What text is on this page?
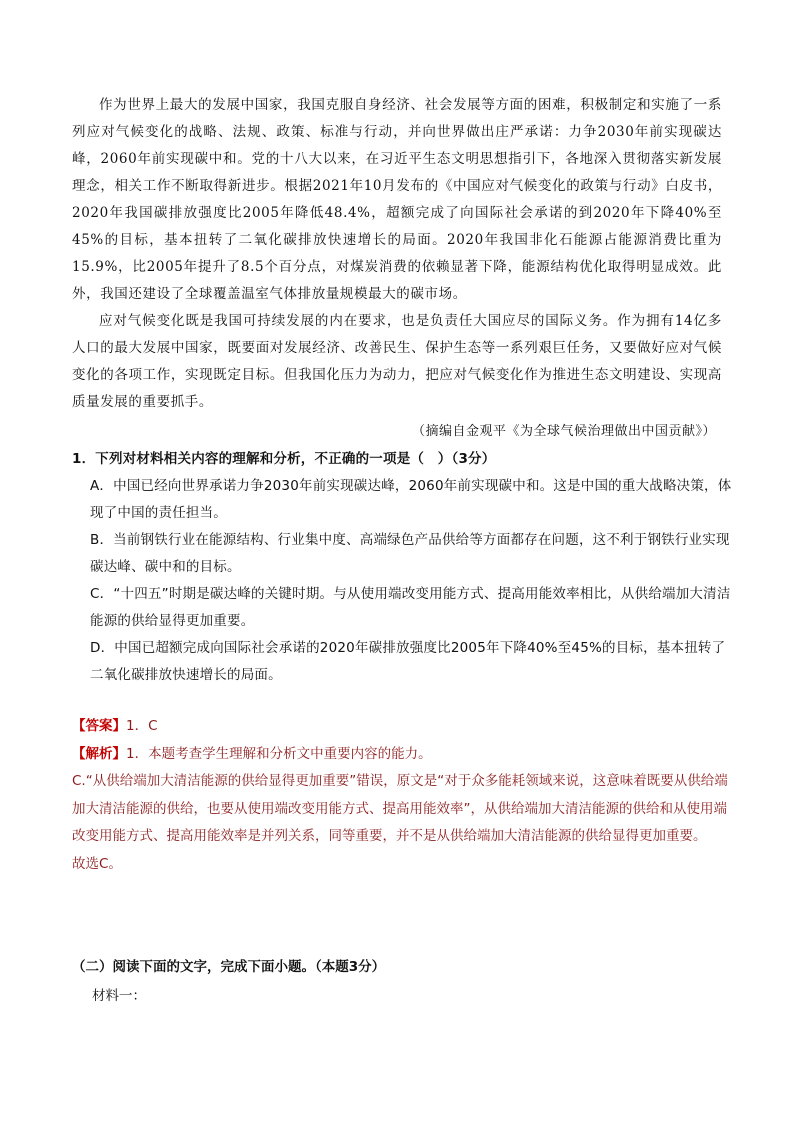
作为世界上最大的发展中国家，我国克服自身经济、社会发展等方面的困难，积极制定和实施了一系列应对气候变化的战略、法规、政策、标准与行动，并向世界做出庄严承诺：力争2030年前实现碳达峰，2060年前实现碳中和。党的十八大以来，在习近平生态文明思想指引下，各地深入贯彻落实新发展理念，相关工作不断取得新进步。根据2021年10月发布的《中国应对气候变化的政策与行动》白皮书，2020年我国碳排放强度比2005年降低48.4%，超额完成了向国际社会承诺的到2020年下降40%至45%的目标，基本扭转了二氧化碳排放快速增长的局面。2020年我国非化石能源占能源消费比重为15.9%，比2005年提升了8.5个百分点，对煤炭消费的依赖显著下降，能源结构优化取得明显成效。此外，我国还建设了全球覆盖温室气体排放量规模最大的碳市场。

应对气候变化既是我国可持续发展的内在要求，也是负责任大国应尽的国际义务。作为拥有14亿多人口的最大发展中国家，既要面对发展经济、改善民生、保护生态等一系列艰巨任务，又要做好应对气候变化的各项工作，实现既定目标。但我国化压力为动力，把应对气候变化作为推进生态文明建设、实现高质量发展的重要抓手。

（摘编自金观平《为全球气候治理做出中国贡献》）

1．下列对材料相关内容的理解和分析，不正确的一项是（　）（3分）

A．中国已经向世界承诺力争2030年前实现碳达峰，2060年前实现碳中和。这是中国的重大战略决策，体现了中国的责任担当。

B．当前钢铁行业在能源结构、行业集中度、高端绿色产品供给等方面都存在问题，这不利于钢铁行业实现碳达峰、碳中和的目标。

C．“十四五”时期是碳达峰的关键时期。与从使用端改变用能方式、提高用能效率相比，从供给端加大清洁能源的供给显得更加重要。

D．中国已超额完成向国际社会承诺的2020年碳排放强度比2005年下降40%至45%的目标，基本扭转了二氧化碳排放快速增长的局面。

【答案】1．C

【解析】1．本题考查学生理解和分析文中重要内容的能力。

C.“从供给端加大清洁能源的供给显得更加重要”错误，原文是“对于众多能耗领域来说，这意味着既要从供给端加大清洁能源的供给，也要从使用端改变用能方式、提高用能效率”，从供给端加大清洁能源的供给和从使用端改变用能方式、提高用能效率是并列关系，同等重要，并不是从供给端加大清洁能源的供给显得更加重要。

故选C。

（二）阅读下面的文字，完成下面小题。（本题3分）
材料一：
